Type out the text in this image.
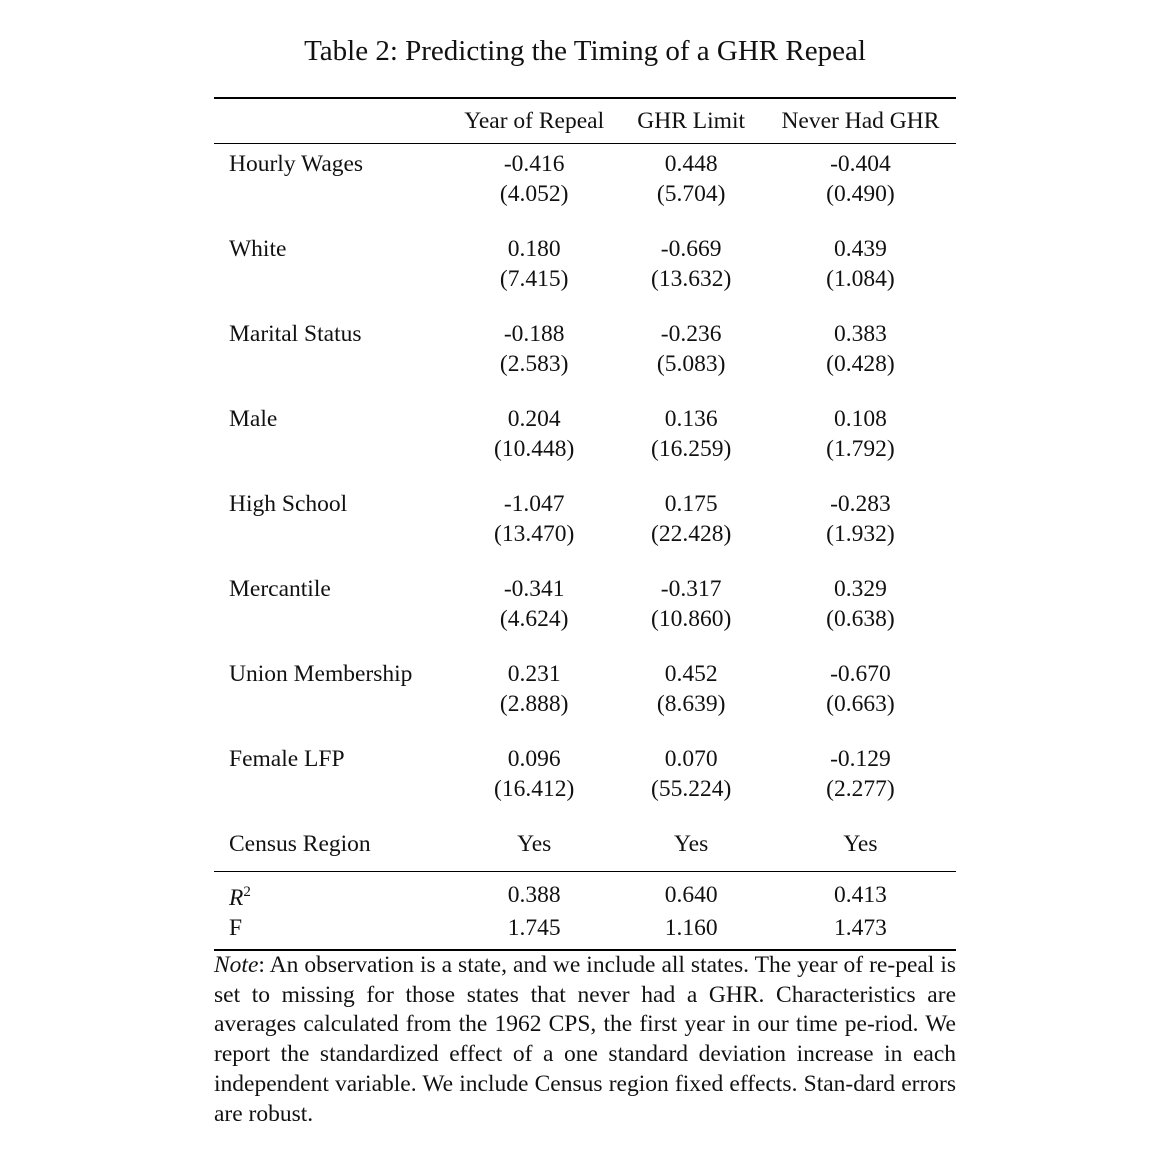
Table 2: Predicting the Timing of a GHR Repeal
	Year of Repeal	GHR Limit	Never Had GHR
Hourly Wages	-0.416	0.448	-0.404
	(4.052)	(5.704)	(0.490)

White	0.180	-0.669	0.439
	(7.415)	(13.632)	(1.084)

Marital Status	-0.188	-0.236	0.383
	(2.583)	(5.083)	(0.428)

Male	0.204	0.136	0.108
	(10.448)	(16.259)	(1.792)

High School	-1.047	0.175	-0.283
	(13.470)	(22.428)	(1.932)

Mercantile	-0.341	-0.317	0.329
	(4.624)	(10.860)	(0.638)

Union Membership	0.231	0.452	-0.670
	(2.888)	(8.639)	(0.663)

Female LFP	0.096	0.070	-0.129
	(16.412)	(55.224)	(2.277)

Census Region	Yes	Yes	Yes
$R^2$	0.388	0.640	0.413
F	1.745	1.160	1.473
Note: An observation is a state, and we include all states. The year of re-peal is set to missing for those states that never had a GHR. Characteristics are averages calculated from the 1962 CPS, the first year in our time pe-riod. We report the standardized effect of a one standard deviation increase in each independent variable. We include Census region fixed effects. Stan-dard errors are robust.
